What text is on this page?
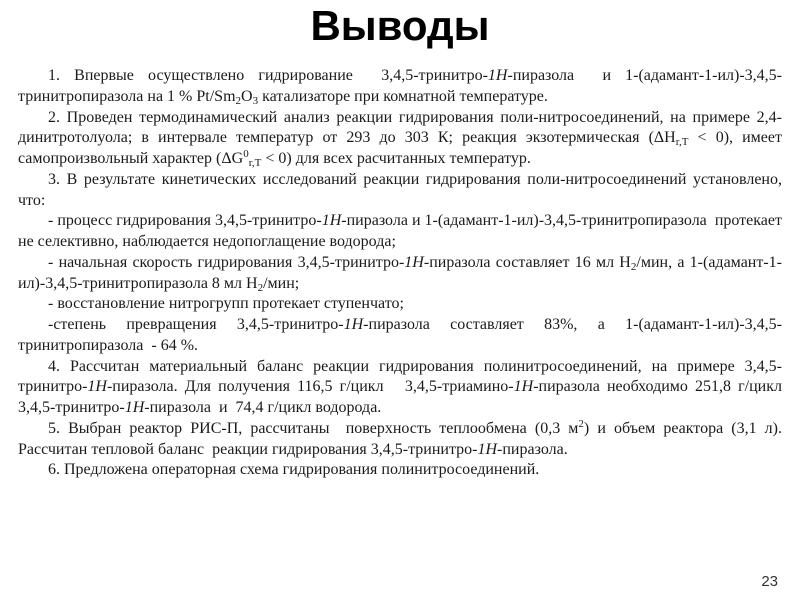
Выводы

1. Впервые осуществлено гидрирование  3,4,5-тринитро-1Н-пиразола  и 1-(адамант-1-ил)-3,4,5-тринитропиразола на 1 % $Pt/Sm_2O_3$ катализаторе при комнатной температуре.

2. Проведен термодинамический анализ реакции гидрирования поли-нитросоединений, на примере 2,4-динитротолуола; в интервале температур от 293 до 303 К; реакция экзотермическая $(\Delta Н_{r,T} < 0)$, имеет самопроизвольный характер $(\Delta G^0_{r,T} < 0)$ для всех расчитанных температур.

3. В результате кинетических исследований реакции гидрирования поли-нитросоединений установлено, что:

- процесс гидрирования 3,4,5-тринитро-1Н-пиразола и 1-(адамант-1-ил)-3,4,5-тринитропиразола  протекает не селективно, наблюдается недопоглащение водорода;

- начальная скорость гидрирования 3,4,5-тринитро-1Н-пиразола составляет 16 мл $Н_2$/мин, а 1-(адамант-1-ил)-3,4,5-тринитропиразола 8 мл $Н_2$/мин;

- восстановление нитрогрупп протекает ступенчато;

-степень превращения 3,4,5-тринитро-1Н-пиразола составляет 83%, а 1-(адамант-1-ил)-3,4,5-тринитропиразола  - 64 %.

4. Рассчитан материальный баланс реакции гидрирования полинитросоединений, на примере 3,4,5-тринитро-1Н-пиразола. Для получения 116,5 г/цикл   3,4,5-триамино-1Н-пиразола необходимо 251,8 г/цикл 3,4,5-тринитро-1Н-пиразола  и  74,4 г/цикл водорода.

5. Выбран реактор РИС-П, рассчитаны  поверхность теплообмена (0,3 $м^2$) и объем реактора (3,1 л). Рассчитан тепловой баланс  реакции гидрирования 3,4,5-тринитро-1Н-пиразола.

6. Предложена операторная схема гидрирования полинитросоединений.

23
